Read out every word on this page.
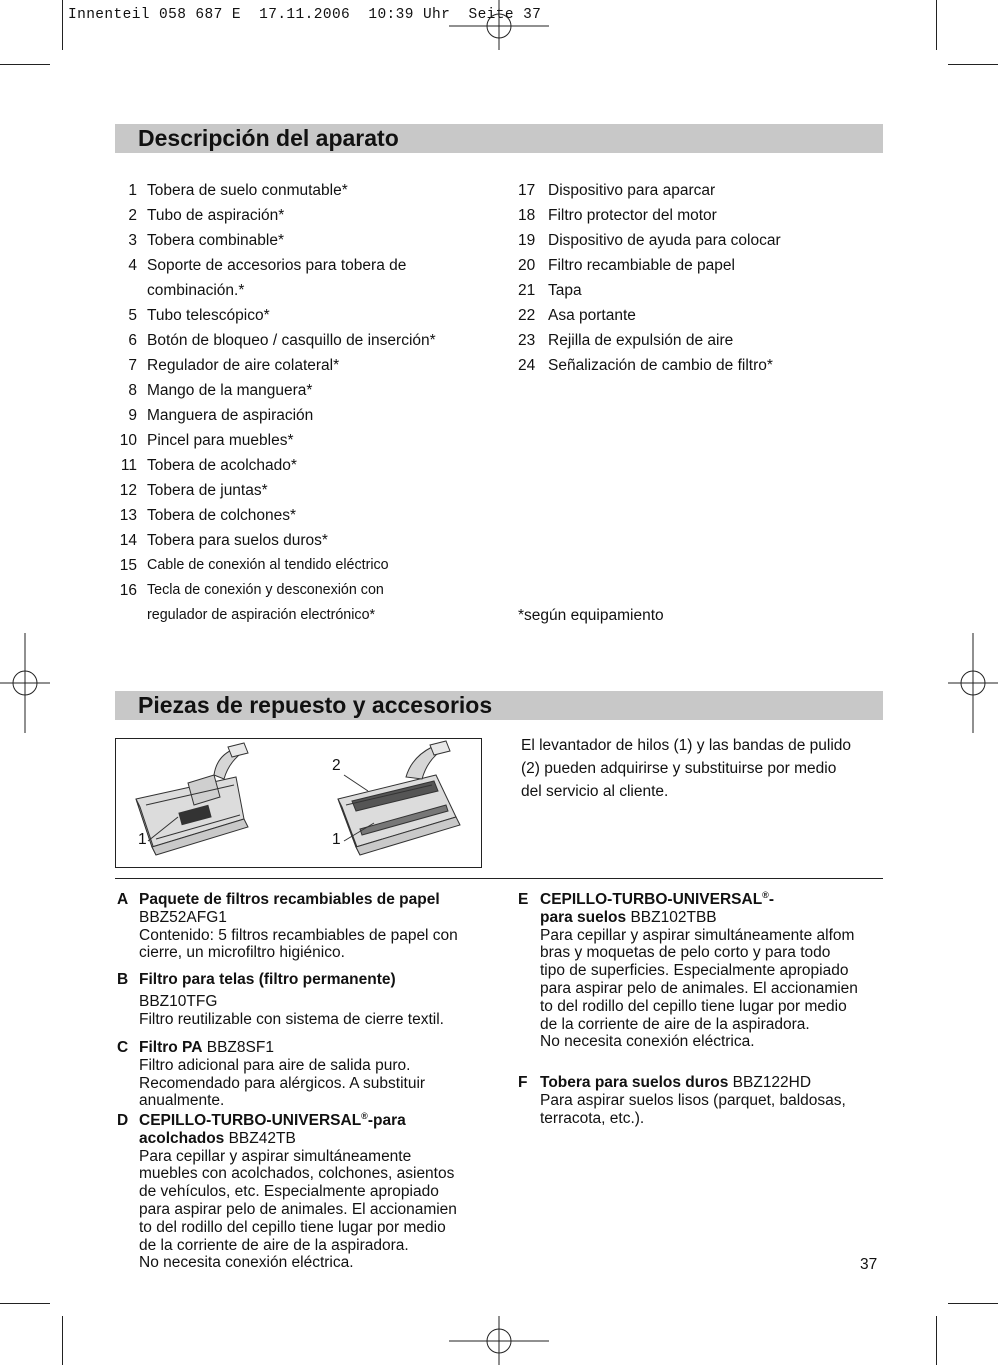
Innenteil 058 687 E  17.11.2006  10:39 Uhr  Seite 37
Descripción del aparato
1 Tobera de suelo conmutable*
2 Tubo de aspiración*
3 Tobera combinable*
4 Soporte de accesorios para tobera de
combinación.*
5 Tubo telescópico*
6 Botón de bloqueo / casquillo de inserción*
7 Regulador de aire colateral*
8 Mango de la manguera*
9 Manguera de aspiración
10 Pincel para muebles*
11 Tobera de acolchado*
12 Tobera de juntas*
13 Tobera de colchones*
14 Tobera para suelos duros*
15 Cable de conexión al tendido eléctrico
16 Tecla de conexión y desconexión con
regulador de aspiración electrónico*
17 Dispositivo para aparcar
18 Filtro protector del motor
19 Dispositivo de ayuda para colocar
20 Filtro recambiable de papel
21 Tapa
22 Asa portante
23 Rejilla de expulsión de aire
24 Señalización de cambio de filtro*
*según equipamiento
Piezas de repuesto y accesorios
1
2
1
El levantador de hilos (1) y las bandas de pulido
(2) pueden adquirirse y substituirse por medio
del servicio al cliente.
A Paquete de filtros recambiables de papel
BBZ52AFG1
Contenido: 5 filtros recambiables de papel con
cierre, un microfiltro higiénico.
B Filtro para telas (filtro permanente)
BBZ10TFG
Filtro reutilizable con sistema de cierre textil.
C Filtro PA BBZ8SF1
Filtro adicional para aire de salida puro.
Recomendado para alérgicos. A substituir
anualmente.
D CEPILLO-TURBO-UNIVERSAL®-para
acolchados BBZ42TB
Para cepillar y aspirar simultáneamente
muebles con acolchados, colchones, asientos
de vehículos, etc. Especialmente apropiado
para aspirar pelo de animales. El accionamien
to del rodillo del cepillo tiene lugar por medio
de la corriente de aire de la aspiradora.
No necesita conexión eléctrica.
E CEPILLO-TURBO-UNIVERSAL®-
para suelos BBZ102TBB
Para cepillar y aspirar simultáneamente alfom
bras y moquetas de pelo corto y para todo
tipo de superficies. Especialmente apropiado
para aspirar pelo de animales. El accionamien
to del rodillo del cepillo tiene lugar por medio
de la corriente de aire de la aspiradora.
No necesita conexión eléctrica.
F Tobera para suelos duros BBZ122HD
Para aspirar suelos lisos (parquet, baldosas,
terracota, etc.).
37
